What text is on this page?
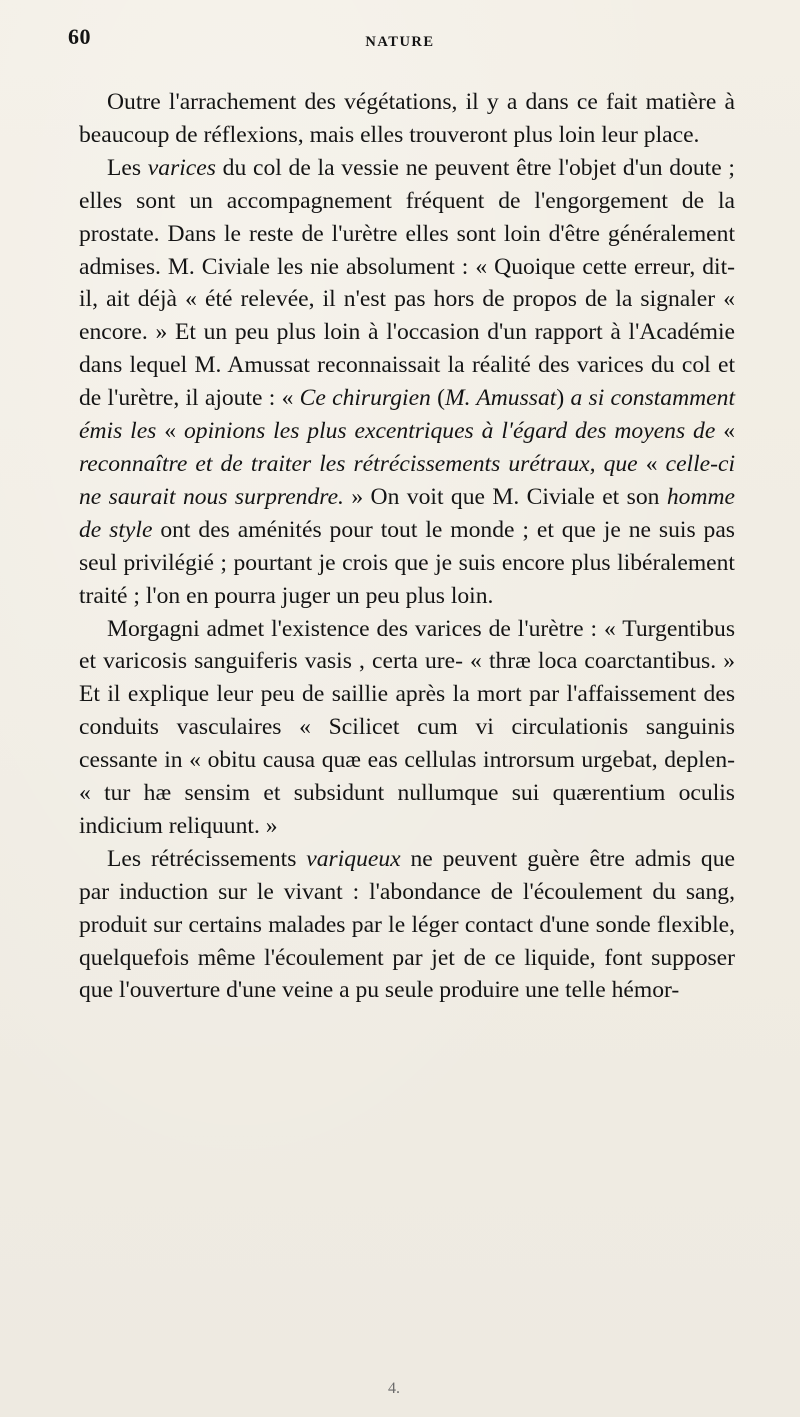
60	NATURE

Outre l'arrachement des végétations, il y a dans ce fait matière à beaucoup de réflexions, mais elles trouveront plus loin leur place.

Les varices du col de la vessie ne peuvent être l'objet d'un doute ; elles sont un accompagnement fréquent de l'engorgement de la prostate. Dans le reste de l'urètre elles sont loin d'être généralement admises. M. Civiale les nie absolument : « Quoique cette erreur, dit-il, ait déjà « été relevée, il n'est pas hors de propos de la signaler « encore. » Et un peu plus loin à l'occasion d'un rapport à l'Académie dans lequel M. Amussat reconnaissait la réalité des varices du col et de l'urètre, il ajoute : « Ce chirurgien (M. Amussat) a si constamment émis les « opinions les plus excentriques à l'égard des moyens de « reconnaître et de traiter les rétrécissements urétraux, que « celle-ci ne saurait nous surprendre. » On voit que M. Civiale et son homme de style ont des aménités pour tout le monde ; et que je ne suis pas seul privilégié ; pourtant je crois que je suis encore plus libéralement traité ; l'on en pourra juger un peu plus loin.

Morgagni admet l'existence des varices de l'urètre : « Turgentibus et varicosis sanguiferis vasis , certa ure- « thræ loca coarctantibus. » Et il explique leur peu de saillie après la mort par l'affaissement des conduits vasculaires « Scilicet cum vi circulationis sanguinis cessante in « obitu causa quæ eas cellulas introrsum urgebat, deplen- « tur hæ sensim et subsidunt nullumque sui quærentium oculis indicium reliquunt. »

Les rétrécissements variqueux ne peuvent guère être admis que par induction sur le vivant : l'abondance de l'écoulement du sang, produit sur certains malades par le léger contact d'une sonde flexible, quelquefois même l'écoulement par jet de ce liquide, font supposer que l'ouverture d'une veine a pu seule produire une telle hémor-

4.
